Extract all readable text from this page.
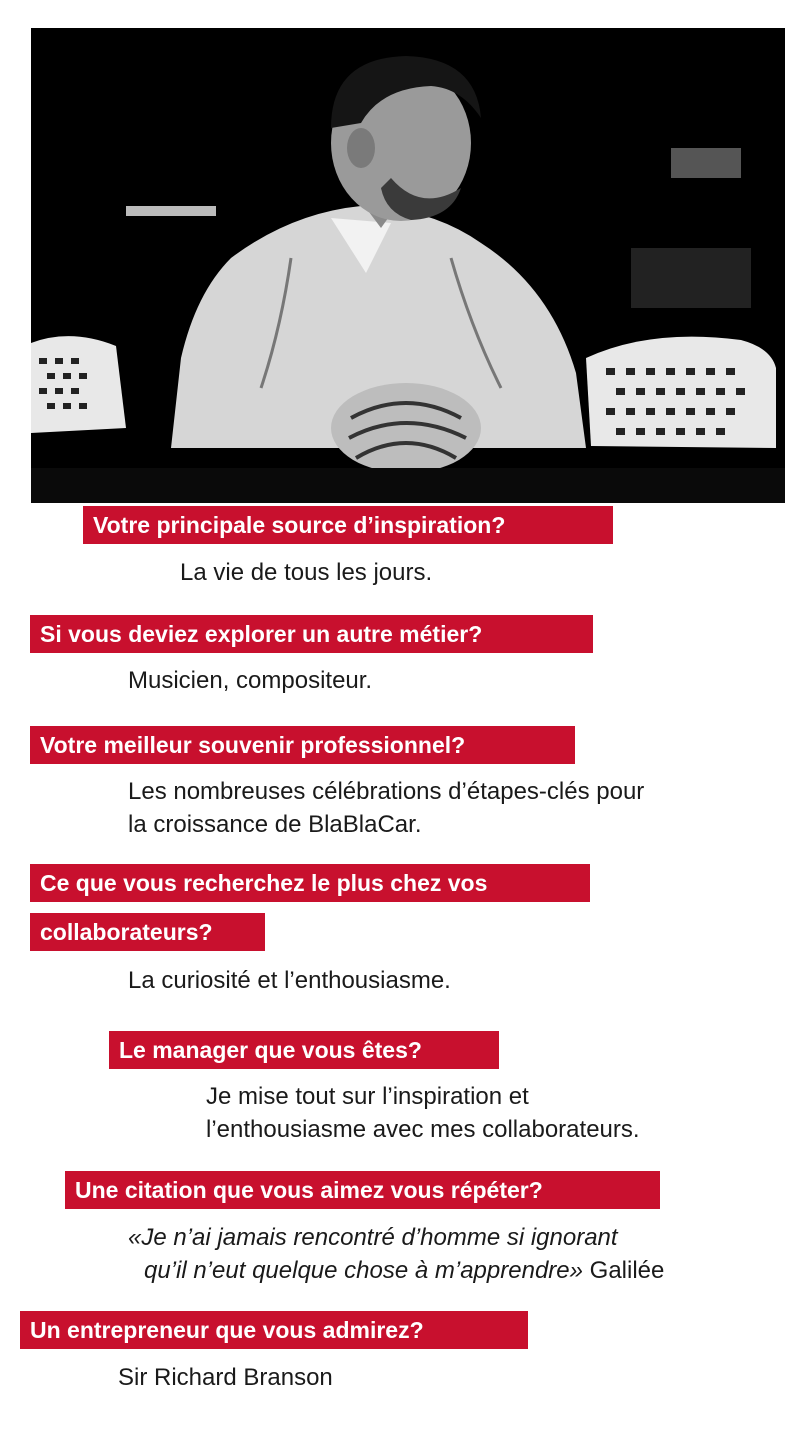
Votre principale source d’inspiration?
La vie de tous les jours.
Si vous deviez explorer un autre métier?
Musicien, compositeur.
Votre meilleur souvenir professionnel?
Les nombreuses célébrations d’étapes-clés pour
la croissance de BlaBlaCar.
Ce que vous recherchez le plus chez vos
collaborateurs?
La curiosité et l’enthousiasme.
Le manager que vous êtes?
Je mise tout sur l’inspiration et
l’enthousiasme avec mes collaborateurs.
Une citation que vous aimez vous répéter?
«Je n’ai jamais rencontré d’homme si ignorant
qu’il n’eut quelque chose à m’apprendre» Galilée
Un entrepreneur que vous admirez?
Sir Richard Branson
